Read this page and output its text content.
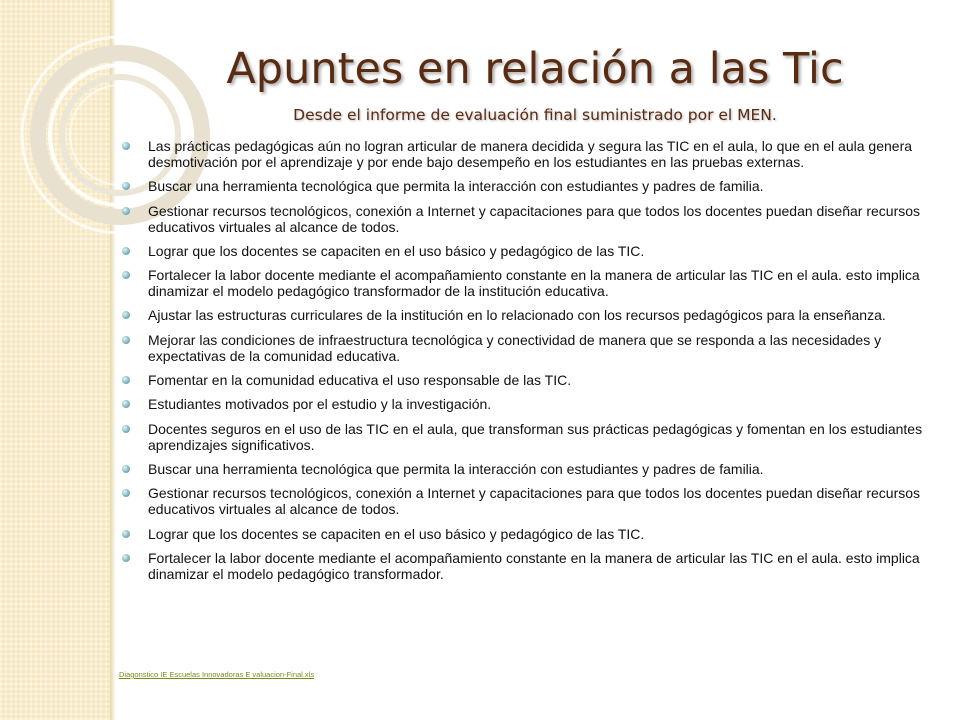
Apuntes en relación a las Tic
Desde el informe de evaluación final suministrado por el MEN.
Las prácticas pedagógicas aún no logran articular de manera decidida y segura las TIC en el aula, lo que en el aula genera desmotivación por el aprendizaje y por ende bajo desempeño en los estudiantes en las pruebas externas.
Buscar una herramienta tecnológica que permita la interacción con estudiantes y padres de familia.
Gestionar recursos tecnológicos, conexión a Internet y capacitaciones para que todos los docentes puedan diseñar recursos educativos virtuales al alcance de todos.
Lograr que los docentes se capaciten en el uso básico y pedagógico de las TIC.
Fortalecer la labor docente mediante el acompañamiento constante en la manera de articular las TIC en el aula. esto implica dinamizar el modelo pedagógico transformador de la institución educativa.
Ajustar las estructuras curriculares de la institución en lo relacionado con los recursos pedagógicos para la enseñanza.
Mejorar las condiciones de infraestructura tecnológica y conectividad de manera que se responda a las necesidades y expectativas de la comunidad educativa.
Fomentar en la comunidad educativa el uso responsable de las TIC.
Estudiantes motivados por el estudio y la investigación.
Docentes seguros en el uso de las TIC en el aula, que transforman sus prácticas pedagógicas y fomentan en los estudiantes aprendizajes significativos.
Buscar una herramienta tecnológica que permita la interacción con estudiantes y padres de familia.
Gestionar recursos tecnológicos, conexión a Internet y capacitaciones para que todos los docentes puedan diseñar recursos educativos virtuales al alcance de todos.
Lograr que los docentes se capaciten en el uso básico y pedagógico de las TIC.
Fortalecer la labor docente mediante el acompañamiento constante en la manera de articular las TIC en el aula. esto implica dinamizar el modelo pedagógico transformador.
Diagonstico IE Escuelas Innovadoras E valuacion-Final.xls
